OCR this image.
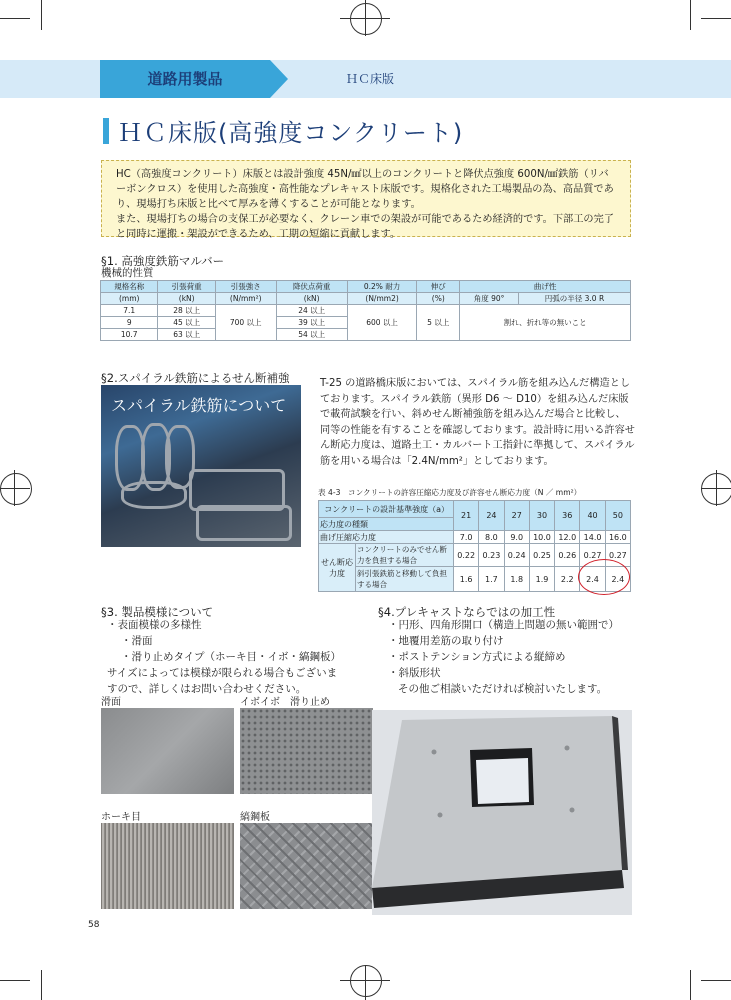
道路用製品	ＨＣ床版
ＨＣ床版(高強度コンクリート)

HC（高強度コンクリート）床版とは設計強度 45N/㎟以上のコンクリートと降伏点強度 600N/㎟鉄筋（リバーボンクロス）を使用した高強度・高性能なプレキャスト床版です。規格化された工場製品の為、高品質であり、現場打ち床版と比べて厚みを薄くすることが可能となります。

また、現場打ちの場合の支保工が必要なく、クレーン車での架設が可能であるため経済的です。下部工の完了と同時に運搬・架設ができるため、工期の短縮に貢献します。

§1. 高強度鉄筋マルバー
機械的性質
規格名称	引張荷重	引張強さ	降伏点荷重	0.2% 耐力	伸び	曲げ性	
(mm)	(kN)	(N/mm²)	(kN)	(N/mm2)	(%)	角度 90°	円弧の半径 3.0 R
7.1	28 以上	700 以上	24 以上	600 以上	5 以上	割れ、折れ等の無いこと	
9	45 以上		39 以上				
10.7	63 以上		54 以上				
§2.スパイラル鉄筋によるせん断補強
スパイラル鉄筋について
T-25 の道路橋床版においては、スパイラル筋を組み込んだ構造としております。スパイラル鉄筋（異形 D6 ～ D10）を組み込んだ床版で載荷試験を行い、斜めせん断補強筋を組み込んだ場合と比較し、同等の性能を有することを確認しております。設計時に用いる許容せん断応力度は、道路土工・カルバート工指針に準拠して、スパイラル筋を用いる場合は「2.4N/mm²」としております。
表 4-3　コンクリートの許容圧縮応力度及び許容せん断応力度（N ／ mm²）
コンクリートの設計基準強度（a）		21	24	27	30	36	40	50
応力度の種類								
曲げ圧縮応力度		7.0	8.0	9.0	10.0	12.0	14.0	16.0
せん断応力度	コンクリートのみでせん断力を負担する場合	0.22	0.23	0.24	0.25	0.26	0.27	0.27
	斜引張鉄筋と移動して負担する場合	1.6	1.7	1.8	1.9	2.2	2.4	2.4
§3. 製品模様について
・表面模様の多様性
・滑面
・滑り止めタイプ（ホーキ目・イボ・縞鋼板）
サイズによっては模様が限られる場合もございま
すので、詳しくはお問い合わせください。
§4.プレキャストならではの加工性
・円形、四角形開口（構造上問題の無い範囲で）
・地覆用差筋の取り付け
・ポストテンション方式による縦締め
・斜版形状
その他ご相談いただければ検討いたします。
滑面	イボイボ　滑り止め
ホーキ目	縞鋼板
58
